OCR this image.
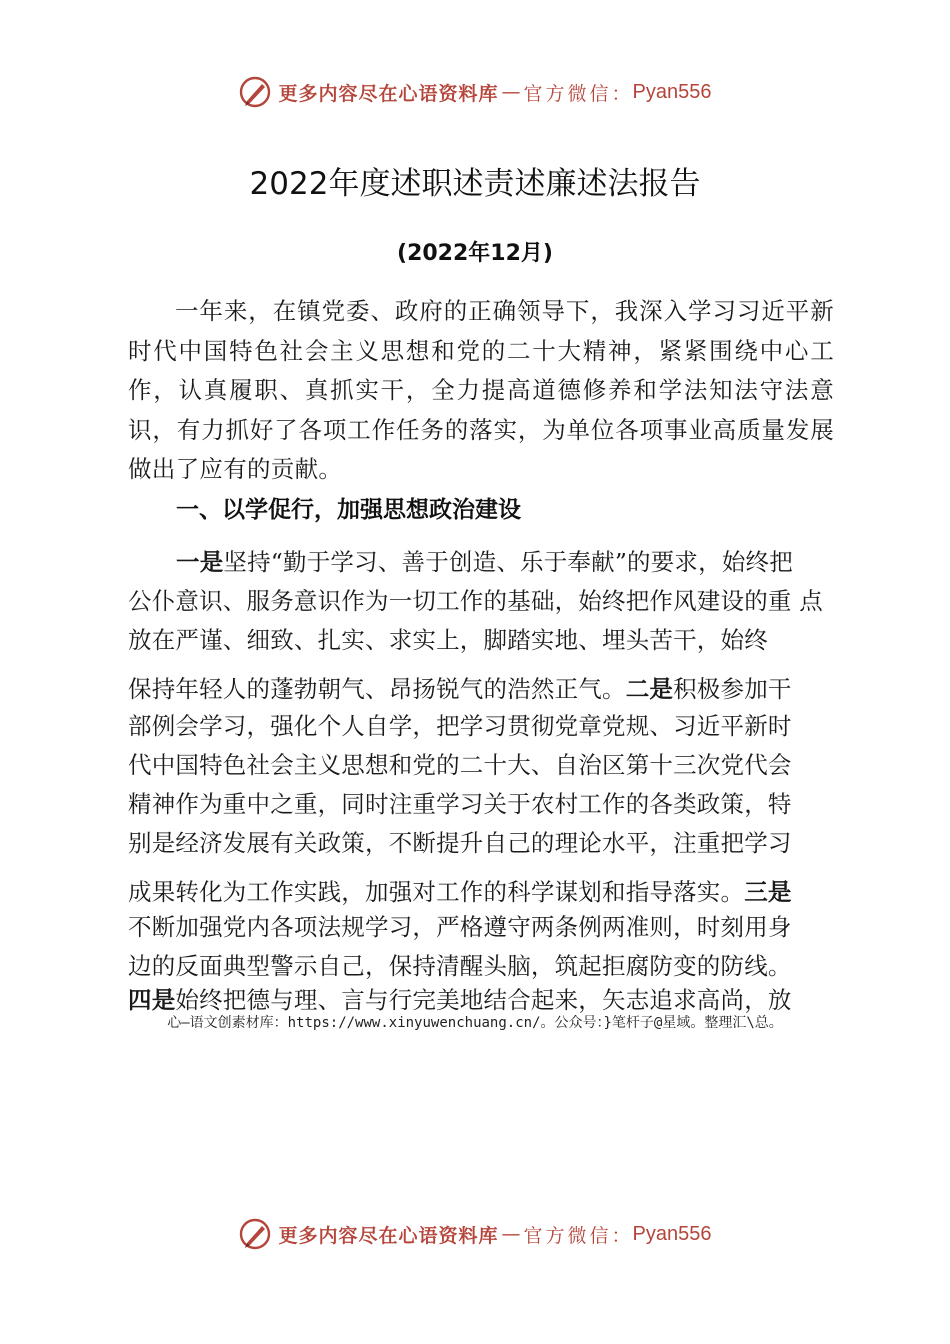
更多内容尽在心语资料库 — 官方微信 ： Pyan556
2022年度述职述责述廉述法报告
(2022年12月)
一年来，在镇党委、政府的正确领导下，我深入学习习近平新时代中国特色社会主义思想和党的二十大精神，紧紧围绕中心工作，认真履职、真抓实干，全力提高道德修养和学法知法守法意识，有力抓好了各项工作任务的落实，为单位各项事业高质量发展做出了应有的贡献。
一、以学促行，加强思想政治建设
一是坚持“勤于学习、善于创造、乐于奉献”的要求，始终把
公仆意识、服务意识作为一切工作的基础，始终把作风建设的重 点
放在严谨、细致、扎实、求实上，脚踏实地、埋头苦干，始终
保持年轻人的蓬勃朝气、昂扬锐气的浩然正气。二是积极参加干
部例会学习，强化个人自学，把学习贯彻党章党规、习近平新时
代中国特色社会主义思想和党的二十大、自治区第十三次党代会
精神作为重中之重，同时注重学习关于农村工作的各类政策，特
别是经济发展有关政策，不断提升自己的理论水平，注重把学习
成果转化为工作实践，加强对工作的科学谋划和指导落实。三是
不断加强党内各项法规学习，严格遵守两条例两准则，时刻用身
边的反面典型警示自己，保持清醒头脑，筑起拒腐防变的防线。
四是始终把德与理、言与行完美地结合起来，矢志追求高尚，放
心—语文创素材库：https://www.xinyuwenchuang.cn/。公众号：}笔杆子@星域。整理汇\总。
更多内容尽在心语资料库 — 官方微信 ： Pyan556
